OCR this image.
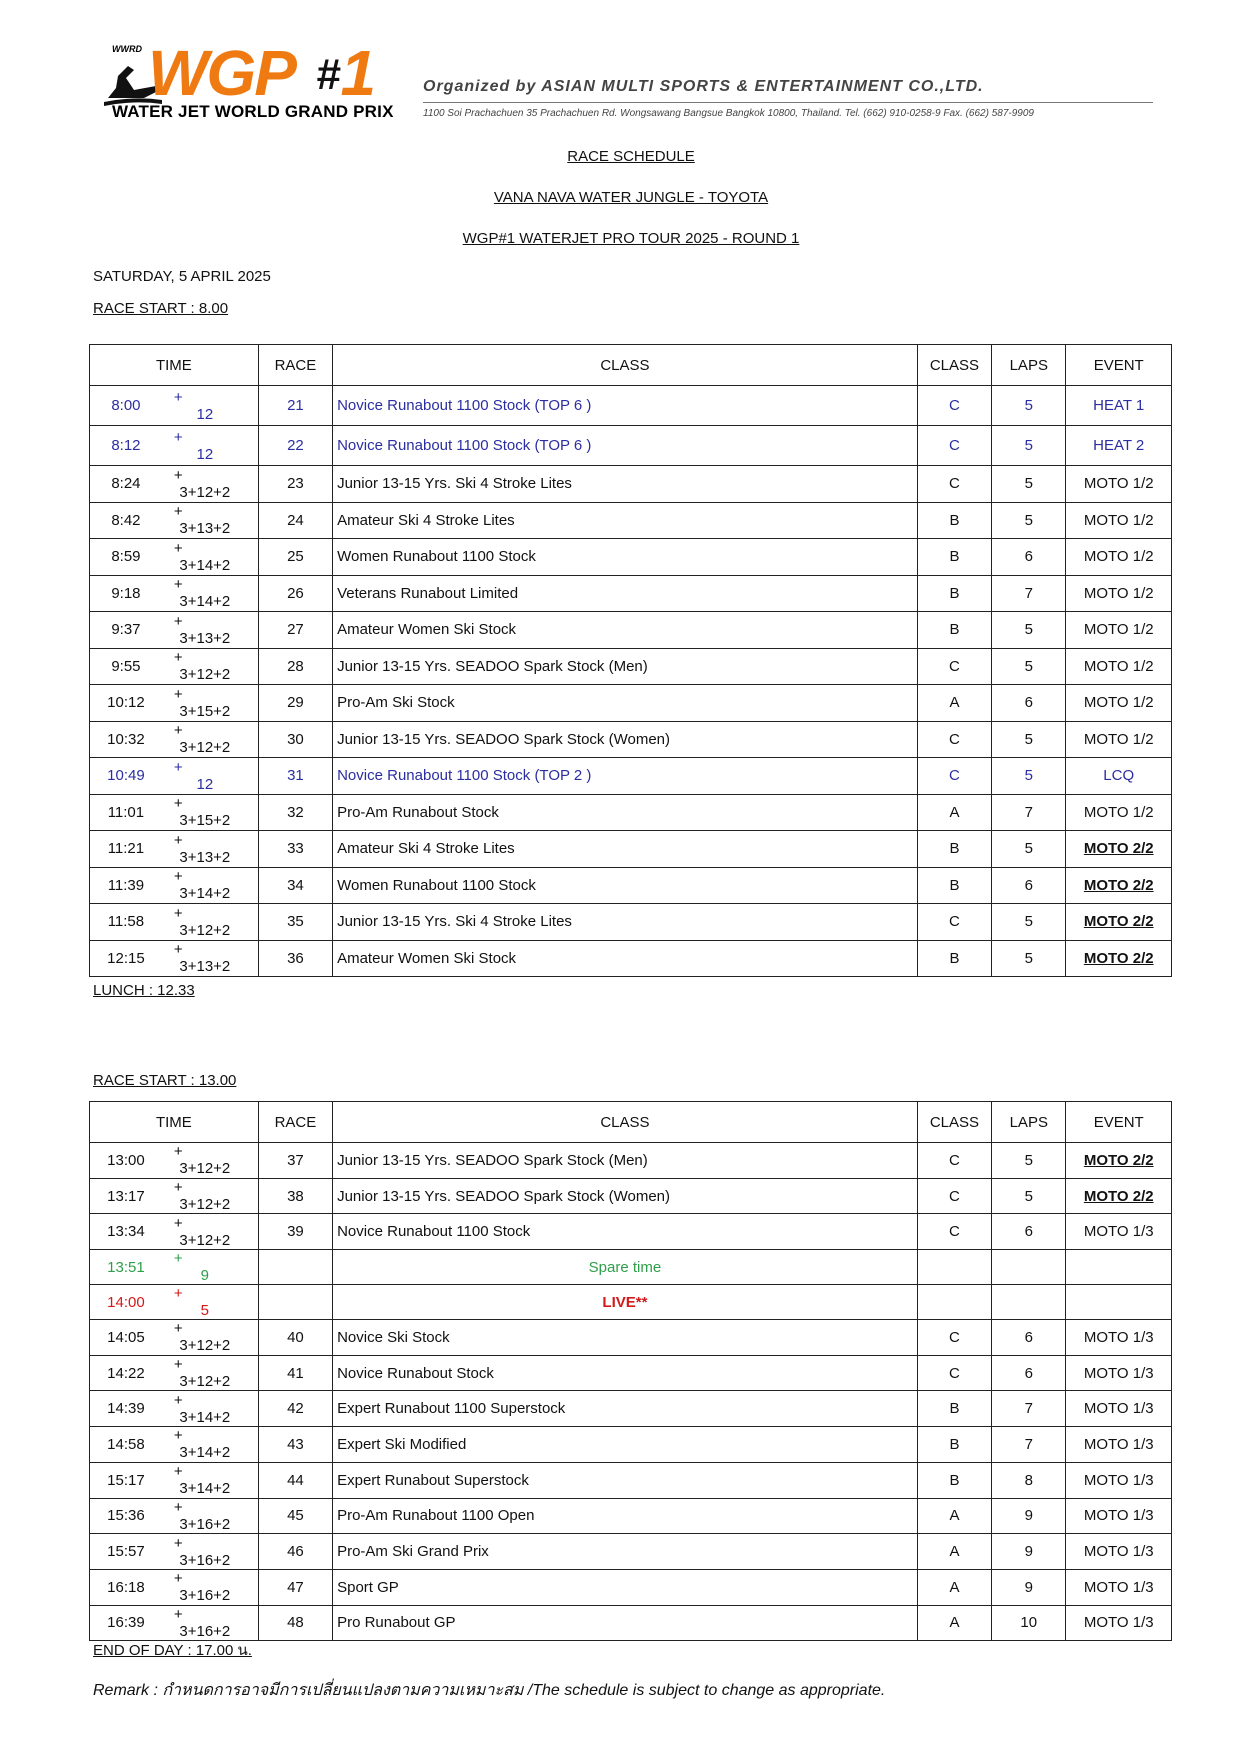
WWRD WGP #1
WATER JET WORLD GRAND PRIX
Organized by ASIAN MULTI SPORTS & ENTERTAINMENT CO.,LTD.
1100 Soi Prachachuen 35 Prachachuen Rd. Wongsawang Bangsue Bangkok 10800, Thailand. Tel. (662) 910-0258-9 Fax. (662) 587-9909
RACE SCHEDULE
VANA NAVA WATER JUNGLE - TOYOTA
WGP#1 WATERJET PRO TOUR 2025 - ROUND 1
SATURDAY, 5 APRIL 2025
RACE START : 8.00
TIME		RACE	CLASS	CLASS	LAPS	EVENT
8:00	+12	21	Novice Runabout 1100 Stock (TOP 6 )	C	5	HEAT 1
8:12	+12	22	Novice Runabout 1100 Stock (TOP 6 )	C	5	HEAT 2
8:24	+3+12+2	23	Junior 13-15 Yrs. Ski 4 Stroke Lites	C	5	MOTO 1/2
8:42	+3+13+2	24	Amateur Ski 4 Stroke Lites	B	5	MOTO 1/2
8:59	+3+14+2	25	Women Runabout 1100 Stock	B	6	MOTO 1/2
9:18	+3+14+2	26	Veterans Runabout Limited	B	7	MOTO 1/2
9:37	+3+13+2	27	Amateur Women Ski Stock	B	5	MOTO 1/2
9:55	+3+12+2	28	Junior 13-15 Yrs. SEADOO Spark Stock (Men)	C	5	MOTO 1/2
10:12	+3+15+2	29	Pro-Am Ski Stock	A	6	MOTO 1/2
10:32	+3+12+2	30	Junior 13-15 Yrs. SEADOO Spark Stock (Women)	C	5	MOTO 1/2
10:49	+12	31	Novice Runabout 1100 Stock (TOP 2 )	C	5	LCQ
11:01	+3+15+2	32	Pro-Am Runabout Stock	A	7	MOTO 1/2
11:21	+3+13+2	33	Amateur Ski 4 Stroke Lites	B	5	MOTO 2/2
11:39	+3+14+2	34	Women Runabout 1100 Stock	B	6	MOTO 2/2
11:58	+3+12+2	35	Junior 13-15 Yrs. Ski 4 Stroke Lites	C	5	MOTO 2/2
12:15	+3+13+2	36	Amateur Women Ski Stock	B	5	MOTO 2/2
LUNCH : 12.33
RACE START : 13.00
TIME		RACE	CLASS	CLASS	LAPS	EVENT
13:00	+3+12+2	37	Junior 13-15 Yrs. SEADOO Spark Stock (Men)	C	5	MOTO 2/2
13:17	+3+12+2	38	Junior 13-15 Yrs. SEADOO Spark Stock (Women)	C	5	MOTO 2/2
13:34	+3+12+2	39	Novice Runabout 1100 Stock	C	6	MOTO 1/3
13:51	+9		Spare time			
14:00	+5		LIVE**			
14:05	+3+12+2	40	Novice Ski Stock	C	6	MOTO 1/3
14:22	+3+12+2	41	Novice Runabout Stock	C	6	MOTO 1/3
14:39	+3+14+2	42	Expert Runabout 1100 Superstock	B	7	MOTO 1/3
14:58	+3+14+2	43	Expert Ski Modified	B	7	MOTO 1/3
15:17	+3+14+2	44	Expert Runabout Superstock	B	8	MOTO 1/3
15:36	+3+16+2	45	Pro-Am Runabout 1100 Open	A	9	MOTO 1/3
15:57	+3+16+2	46	Pro-Am Ski Grand Prix	A	9	MOTO 1/3
16:18	+3+16+2	47	Sport GP	A	9	MOTO 1/3
16:39	+3+16+2	48	Pro Runabout GP	A	10	MOTO 1/3
END OF DAY : 17.00 น.
Remark : กำหนดการอาจมีการเปลี่ยนแปลงตามความเหมาะสม /The schedule is subject to change as appropriate.
